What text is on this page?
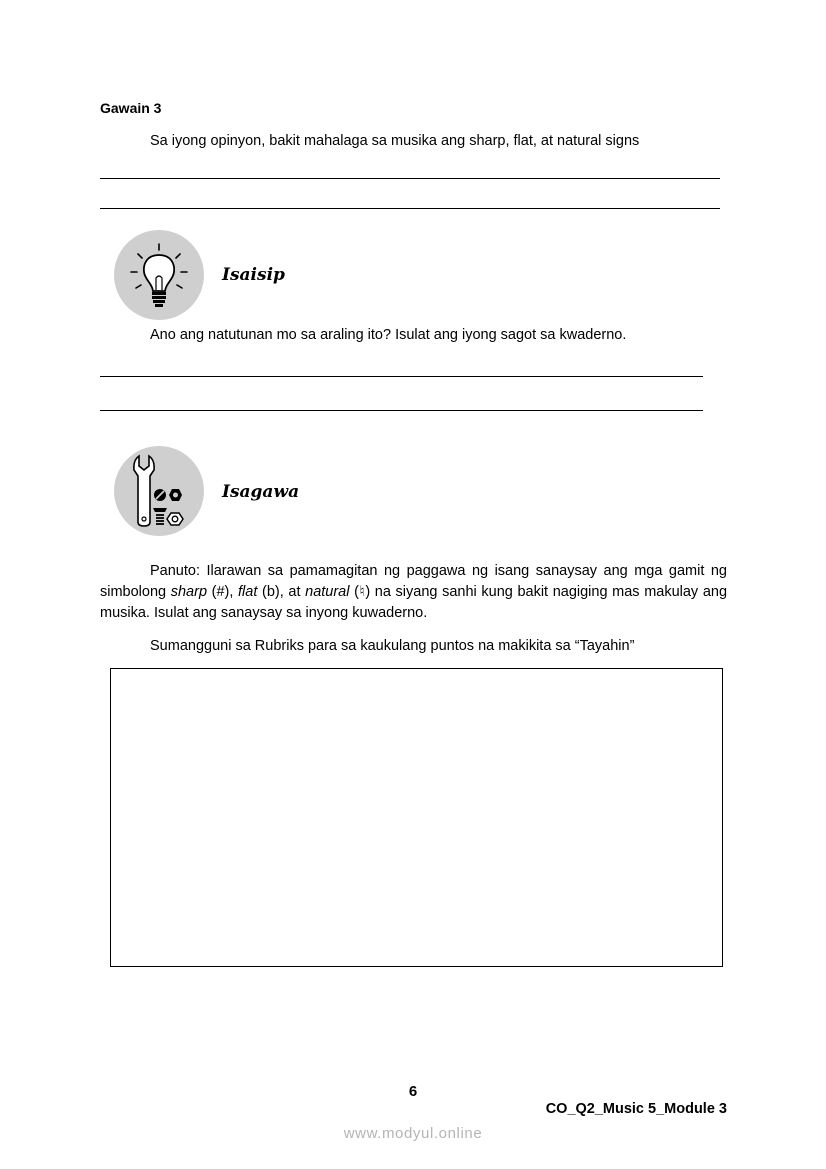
Gawain 3
Sa iyong opinyon, bakit mahalaga sa musika ang sharp, flat, at natural signs
Isaisip
Ano ang natutunan mo sa araling ito? Isulat ang iyong sagot sa kwaderno.
Isagawa

Panuto: Ilarawan sa pamamagitan ng paggawa ng isang sanaysay ang mga gamit ng simbolong sharp (#), flat (b), at natural (♮) na siyang sanhi kung bakit nagiging mas makulay ang musika. Isulat ang sanaysay sa inyong kuwaderno.

Sumangguni sa Rubriks para sa kaukulang puntos na makikita sa “Tayahin”
6
CO_Q2_Music 5_Module 3
www.modyul.online
